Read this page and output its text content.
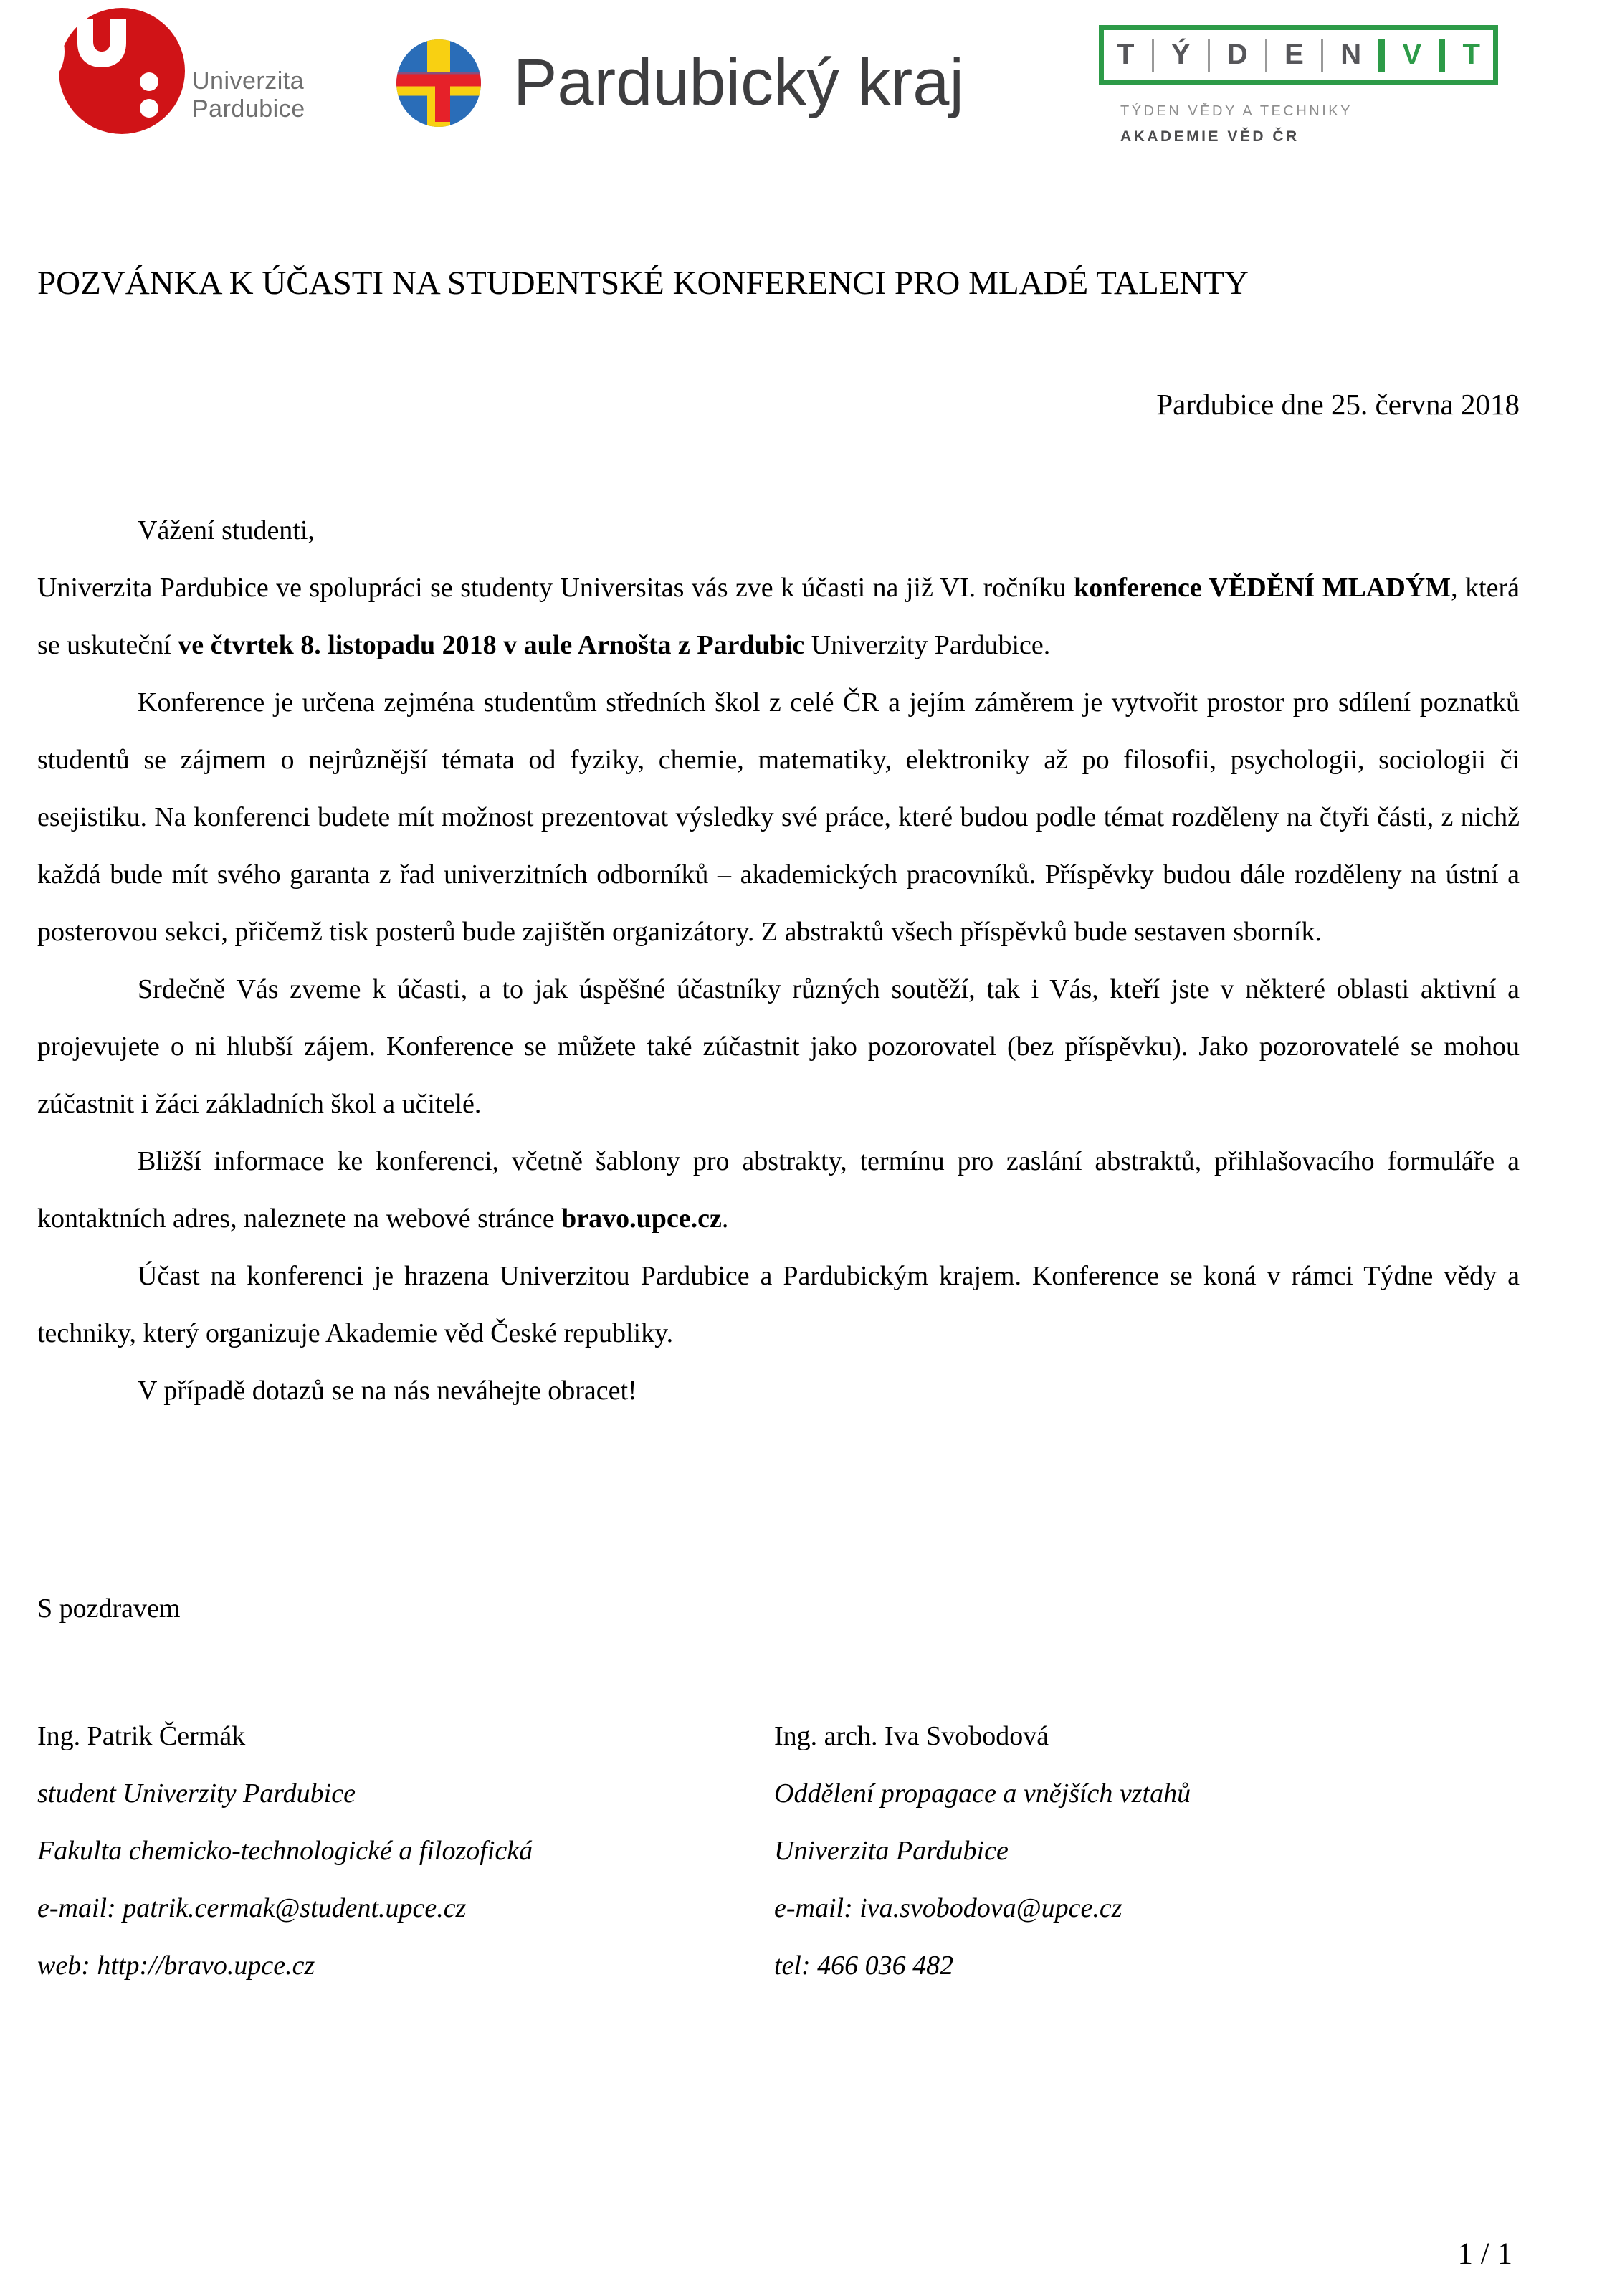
Univerzita
Pardubice	Pardubický kraj	T Ý D E N V T
TÝDEN VĚDY A TECHNIKY
AKADEMIE VĚD ČR
POZVÁNKA K ÚČASTI NA STUDENTSKÉ KONFERENCI PRO MLADÉ TALENTY
Pardubice dne 25. června 2018

Vážení studenti,

Univerzita Pardubice ve spolupráci se studenty Universitas vás zve k účasti na již VI. ročníku konference VĚDĚNÍ MLADÝM, která se uskuteční ve čtvrtek 8. listopadu 2018 v aule Arnošta z Pardubic Univerzity Pardubice.

Konference je určena zejména studentům středních škol z celé ČR a jejím záměrem je vytvořit prostor pro sdílení poznatků studentů se zájmem o nejrůznější témata od fyziky, chemie, matematiky, elektroniky až po filosofii, psychologii, sociologii či esejistiku. Na konferenci budete mít možnost prezentovat výsledky své práce, které budou podle témat rozděleny na čtyři části, z nichž každá bude mít svého garanta z řad univerzitních odborníků – akademických pracovníků. Příspěvky budou dále rozděleny na ústní a posterovou sekci, přičemž tisk posterů bude zajištěn organizátory. Z abstraktů všech příspěvků bude sestaven sborník.

Srdečně Vás zveme k účasti, a to jak úspěšné účastníky různých soutěží, tak i Vás, kteří jste v některé oblasti aktivní a projevujete o ni hlubší zájem. Konference se můžete také zúčastnit jako pozorovatel (bez příspěvku). Jako pozorovatelé se mohou zúčastnit i žáci základních škol a učitelé.

Bližší informace ke konferenci, včetně šablony pro abstrakty, termínu pro zaslání abstraktů, přihlašovacího formuláře a kontaktních adres, naleznete na webové stránce bravo.upce.cz.

Účast na konferenci je hrazena Univerzitou Pardubice a Pardubickým krajem. Konference se koná v rámci Týdne vědy a techniky, který organizuje Akademie věd České republiky.

V případě dotazů se na nás neváhejte obracet!

S pozdravem
Ing. Patrik Čermák
student Univerzity Pardubice
Fakulta chemicko-technologické a filozofická
e-mail: patrik.cermak@student.upce.cz
web: http://bravo.upce.cz
Ing. arch. Iva Svobodová
Oddělení propagace a vnějších vztahů
Univerzita Pardubice
e-mail: iva.svobodova@upce.cz
tel: 466 036 482
1 / 1
